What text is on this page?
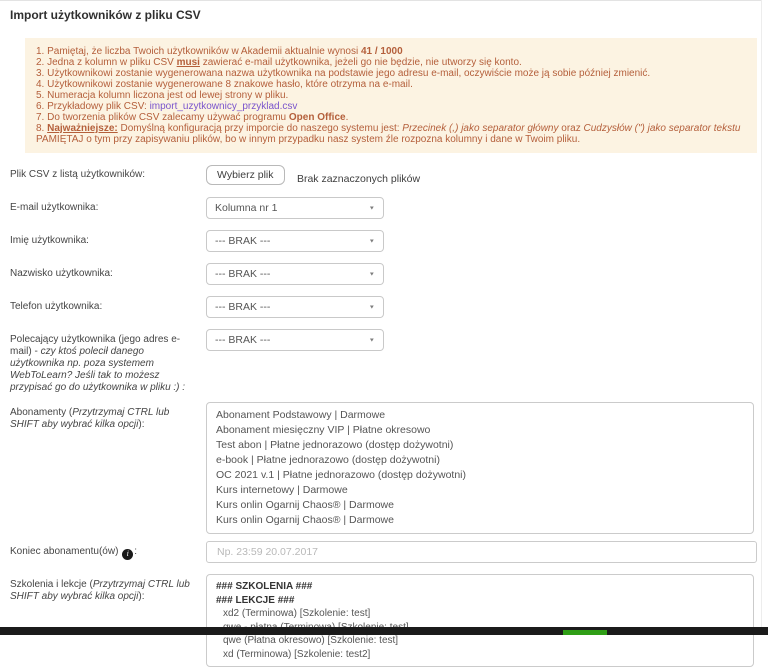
Import użytkowników z pliku CSV
1. Pamiętaj, że liczba Twoich użytkowników w Akademii aktualnie wynosi 41 / 1000
2. Jedna z kolumn w pliku CSV musi zawierać e-mail użytkownika, jeżeli go nie będzie, nie utworzy się konto.
3. Użytkownikowi zostanie wygenerowana nazwa użytkownika na podstawie jego adresu e-mail, oczywiście może ją sobie później zmienić.
4. Użytkownikowi zostanie wygenerowane 8 znakowe hasło, które otrzyma na e-mail.
5. Numeracja kolumn liczona jest od lewej strony w pliku.
6. Przykładowy plik CSV: import_uzytkownicy_przyklad.csv
7. Do tworzenia plików CSV zalecamy używać programu Open Office.
8. Najważniejsze: Domyślną konfiguracją przy imporcie do naszego systemu jest: Przecinek (,) jako separator główny oraz Cudzysłów (") jako separator tekstu PAMIĘTAJ o tym przy zapisywaniu plików, bo w innym przypadku nasz system źle rozpozna kolumny i dane w Twoim pliku.
Plik CSV z listą użytkowników:	Wybierz plik $_{Brak zaznaczonych plików}$
E-mail użytkownika:	Kolumna nr 1	▼
Imię użytkownika:	--- BRAK ---	▼
Nazwisko użytkownika:	--- BRAK ---	▼
Telefon użytkownika:	--- BRAK ---	▼
Polecający użytkownika (jego adres e-mail) - czy ktoś polecił danego użytkownika np. poza systemem WebToLearn? Jeśli tak to możesz przypisać go do użytkownika w pliku :) :
--- BRAK ---	▼
Abonamenty (Przytrzymaj CTRL lub SHIFT aby wybrać kilka opcji):
Abonament Podstawowy | Darmowe
Abonament miesięczny VIP | Płatne okresowo
Test abon | Płatne jednorazowo (dostęp dożywotni)
e-book | Płatne jednorazowo (dostęp dożywotni)
OC 2021 v.1 | Płatne jednorazowo (dostęp dożywotni)
Kurs internetowy | Darmowe
Kurs onlin Ogarnij Chaos® | Darmowe
Kurs onlin Ogarnij Chaos® | Darmowe
Koniec abonamentu(ów) i :
Np. 23:59 20.07.2017
Szkolenia i lekcje (Przytrzymaj CTRL lub SHIFT aby wybrać kilka opcji):
### SZKOLENIA ###
### LEKCJE ###
xd2 (Terminowa) [Szkolenie: test]
qwe (Płatna okresowo) [Szkolenie: test]
xd (Terminowa) [Szkolenie: test2]
